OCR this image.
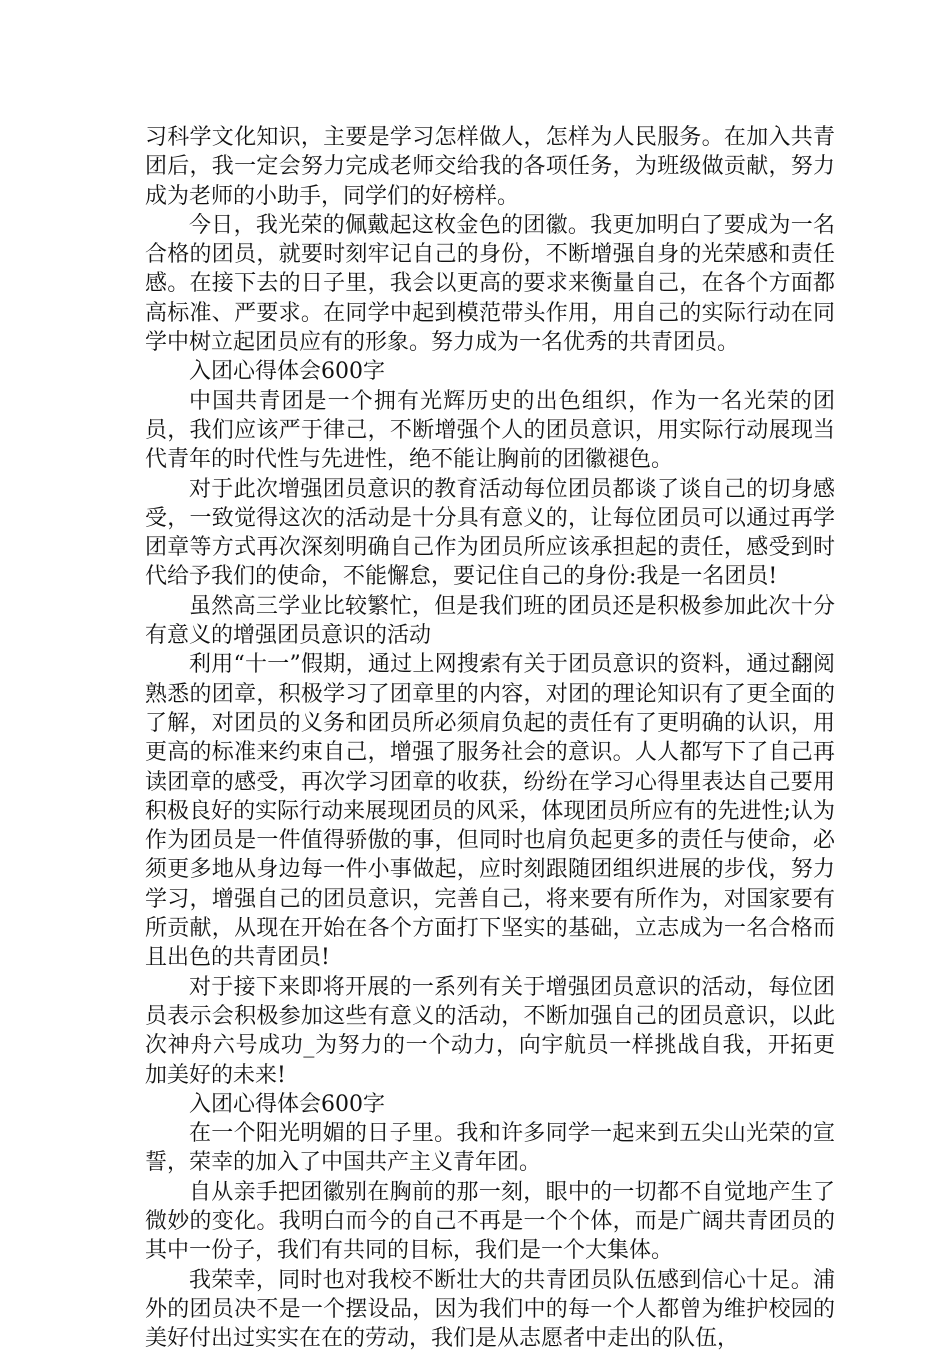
习科学文化知识，主要是学习怎样做人，怎样为人民服务。在加入共青团后，我一定会努力完成老师交给我的各项任务，为班级做贡献，努力成为老师的小助手，同学们的好榜样。

今日，我光荣的佩戴起这枚金色的团徽。我更加明白了要成为一名合格的团员，就要时刻牢记自己的身份，不断增强自身的光荣感和责任感。在接下去的日子里，我会以更高的要求来衡量自己，在各个方面都高标准、严要求。在同学中起到模范带头作用，用自己的实际行动在同学中树立起团员应有的形象。努力成为一名优秀的共青团员。

入团心得体会600字

中国共青团是一个拥有光辉历史的出色组织，作为一名光荣的团员，我们应该严于律己，不断增强个人的团员意识，用实际行动展现当代青年的时代性与先进性，绝不能让胸前的团徽褪色。

对于此次增强团员意识的教育活动每位团员都谈了谈自己的切身感受，一致觉得这次的活动是十分具有意义的，让每位团员可以通过再学团章等方式再次深刻明确自己作为团员所应该承担起的责任，感受到时代给予我们的使命，不能懈怠，要记住自己的身份:我是一名团员!

虽然高三学业比较繁忙，但是我们班的团员还是积极参加此次十分有意义的增强团员意识的活动

利用“十一”假期，通过上网搜索有关于团员意识的资料，通过翻阅熟悉的团章，积极学习了团章里的内容，对团的理论知识有了更全面的了解，对团员的义务和团员所必须肩负起的责任有了更明确的认识，用更高的标准来约束自己，增强了服务社会的意识。人人都写下了自己再读团章的感受，再次学习团章的收获，纷纷在学习心得里表达自己要用积极良好的实际行动来展现团员的风采，体现团员所应有的先进性;认为作为团员是一件值得骄傲的事，但同时也肩负起更多的责任与使命，必须更多地从身边每一件小事做起，应时刻跟随团组织进展的步伐，努力学习，增强自己的团员意识，完善自己，将来要有所作为，对国家要有所贡献，从现在开始在各个方面打下坚实的基础，立志成为一名合格而且出色的共青团员!

对于接下来即将开展的一系列有关于增强团员意识的活动，每位团员表示会积极参加这些有意义的活动，不断加强自己的团员意识，以此次神舟六号成功_为努力的一个动力，向宇航员一样挑战自我，开拓更加美好的未来!

入团心得体会600字

在一个阳光明媚的日子里。我和许多同学一起来到五尖山光荣的宣誓，荣幸的加入了中国共产主义青年团。

自从亲手把团徽别在胸前的那一刻，眼中的一切都不自觉地产生了微妙的变化。我明白而今的自己不再是一个个体，而是广阔共青团员的其中一份子，我们有共同的目标，我们是一个大集体。

我荣幸，同时也对我校不断壮大的共青团员队伍感到信心十足。浦外的团员决不是一个摆设品，因为我们中的每一个人都曾为维护校园的美好付出过实实在在的劳动，我们是从志愿者中走出的队伍，
